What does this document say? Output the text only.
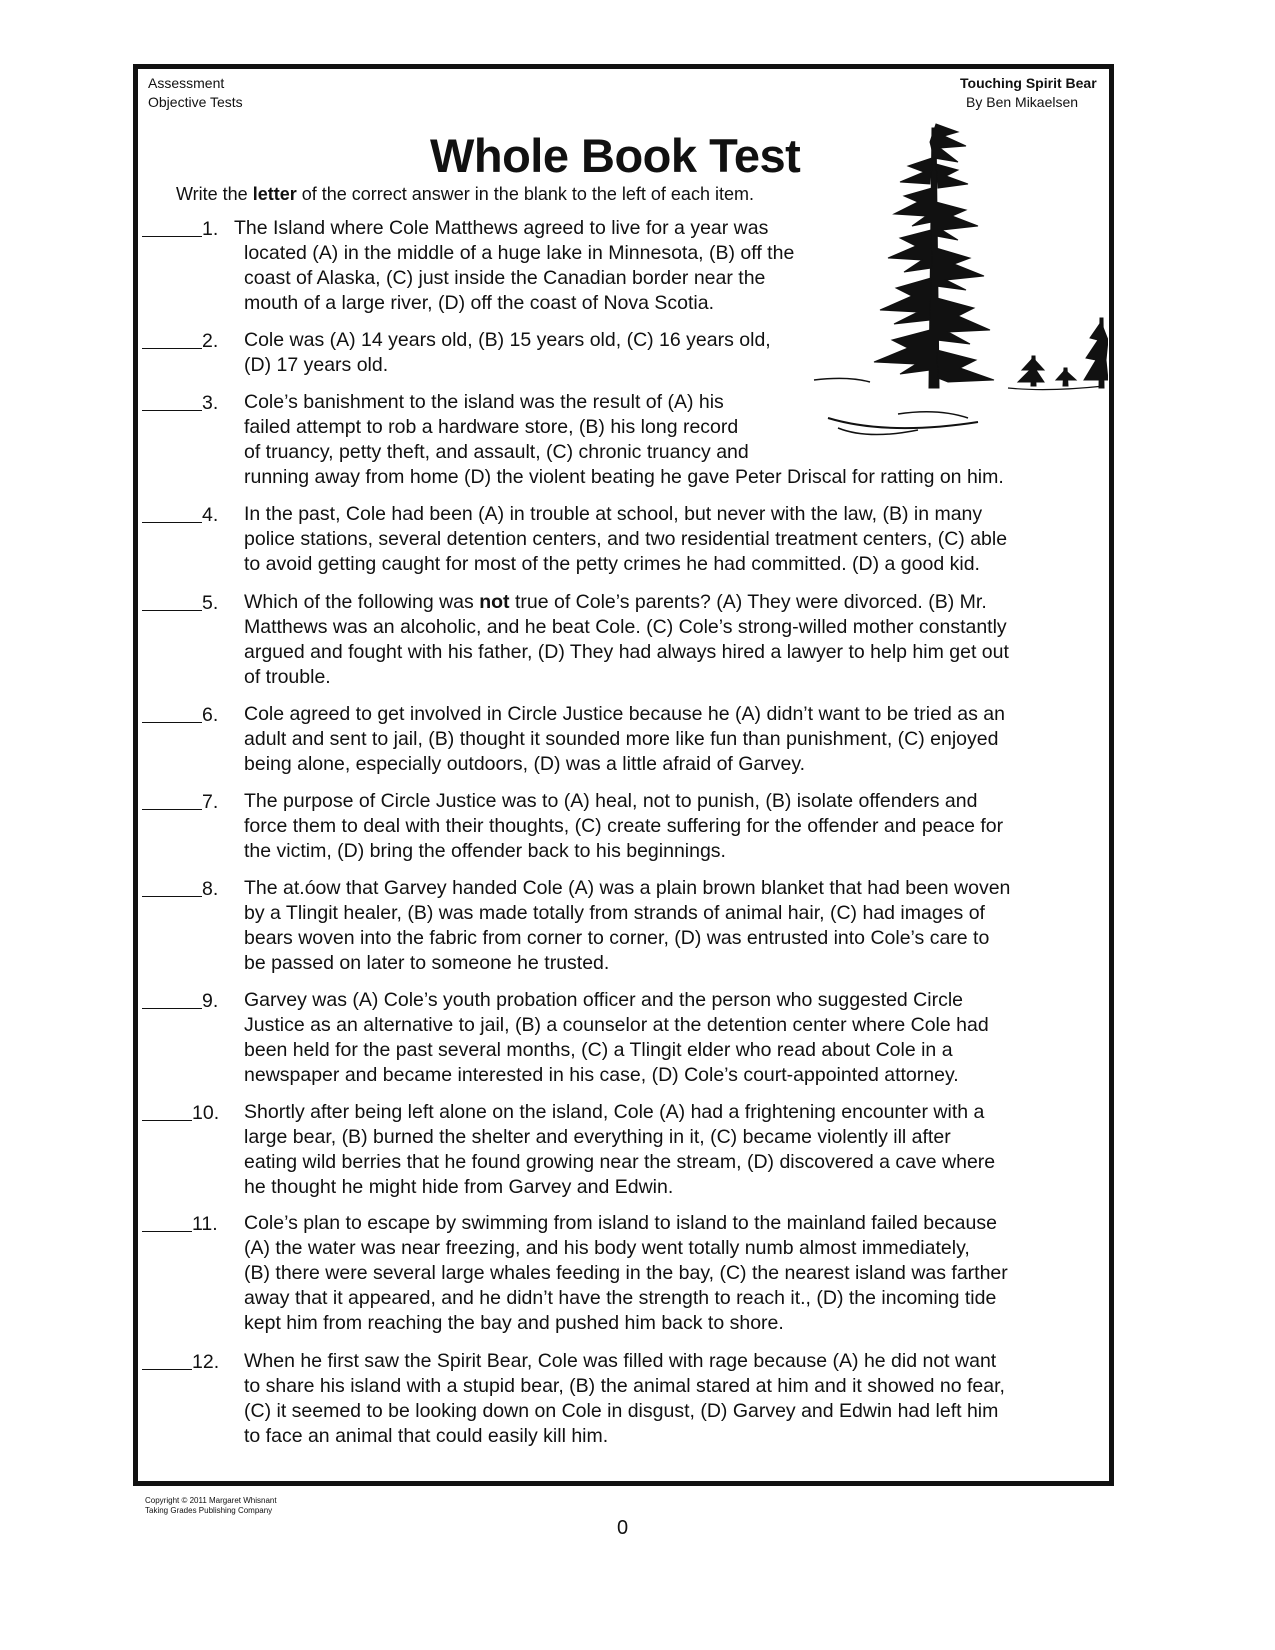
Assessment
Objective Tests
Touching Spirit Bear
By Ben Mikaelsen
Whole Book Test
Write the letter of the correct answer in the blank to the left of each item.
1. The Island where Cole Matthews agreed to live for a year was
located (A) in the middle of a huge lake in Minnesota, (B) off the
coast of Alaska, (C) just inside the Canadian border near the
mouth of a large river, (D) off the coast of Nova Scotia.
2. Cole was (A) 14 years old, (B) 15 years old, (C) 16 years old,
(D) 17 years old.
3. Cole’s banishment to the island was the result of (A) his
failed attempt to rob a hardware store, (B) his long record
of truancy, petty theft, and assault, (C) chronic truancy and
running away from home (D) the violent beating he gave Peter Driscal for ratting on him.
4. In the past, Cole had been (A) in trouble at school, but never with the law, (B) in many
police stations, several detention centers, and two residential treatment centers, (C) able
to avoid getting caught for most of the petty crimes he had committed. (D) a good kid.
5. Which of the following was not true of Cole’s parents? (A) They were divorced. (B) Mr.
Matthews was an alcoholic, and he beat Cole. (C) Cole’s strong-willed mother constantly
argued and fought with his father, (D) They had always hired a lawyer to help him get out
of trouble.
6. Cole agreed to get involved in Circle Justice because he (A) didn’t want to be tried as an
adult and sent to jail, (B) thought it sounded more like fun than punishment, (C) enjoyed
being alone, especially outdoors, (D) was a little afraid of Garvey.
7. The purpose of Circle Justice was to (A) heal, not to punish, (B) isolate offenders and
force them to deal with their thoughts, (C) create suffering for the offender and peace for
the victim, (D) bring the offender back to his beginnings.
8. The at.óow that Garvey handed Cole (A) was a plain brown blanket that had been woven
by a Tlingit healer, (B) was made totally from strands of animal hair, (C) had images of
bears woven into the fabric from corner to corner, (D) was entrusted into Cole’s care to
be passed on later to someone he trusted.
9. Garvey was (A) Cole’s youth probation officer and the person who suggested Circle
Justice as an alternative to jail, (B) a counselor at the detention center where Cole had
been held for the past several months, (C) a Tlingit elder who read about Cole in a
newspaper and became interested in his case, (D) Cole’s court-appointed attorney.
10. Shortly after being left alone on the island, Cole (A) had a frightening encounter with a
large bear, (B) burned the shelter and everything in it, (C) became violently ill after
eating wild berries that he found growing near the stream, (D) discovered a cave where
he thought he might hide from Garvey and Edwin.
11. Cole’s plan to escape by swimming from island to island to the mainland failed because
(A) the water was near freezing, and his body went totally numb almost immediately,
(B) there were several large whales feeding in the bay, (C) the nearest island was farther
away that it appeared, and he didn’t have the strength to reach it., (D) the incoming tide
kept him from reaching the bay and pushed him back to shore.
12. When he first saw the Spirit Bear, Cole was filled with rage because (A) he did not want
to share his island with a stupid bear, (B) the animal stared at him and it showed no fear,
(C) it seemed to be looking down on Cole in disgust, (D) Garvey and Edwin had left him
to face an animal that could easily kill him.
Copyright © 2011 Margaret Whisnant
Taking Grades Publishing Company
0
